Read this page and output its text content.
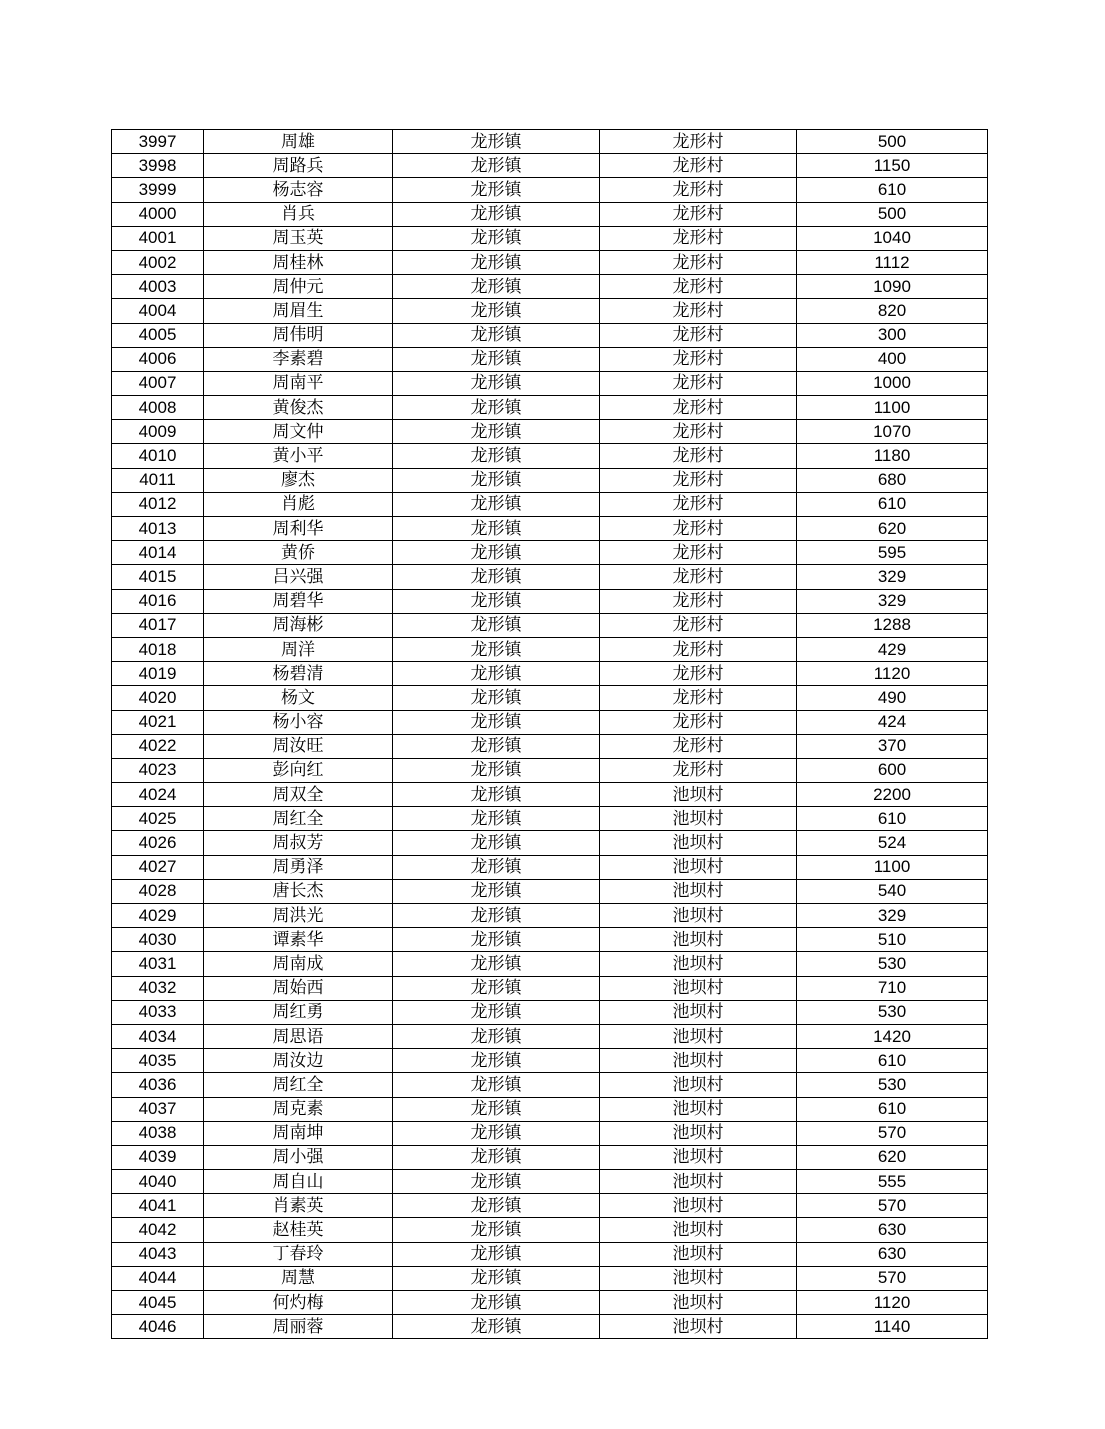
3997	周雄	龙形镇	龙形村	500
3998	周路兵	龙形镇	龙形村	1150
3999	杨志容	龙形镇	龙形村	610
4000	肖兵	龙形镇	龙形村	500
4001	周玉英	龙形镇	龙形村	1040
4002	周桂林	龙形镇	龙形村	1112
4003	周仲元	龙形镇	龙形村	1090
4004	周眉生	龙形镇	龙形村	820
4005	周伟明	龙形镇	龙形村	300
4006	李素碧	龙形镇	龙形村	400
4007	周南平	龙形镇	龙形村	1000
4008	黄俊杰	龙形镇	龙形村	1100
4009	周文仲	龙形镇	龙形村	1070
4010	黄小平	龙形镇	龙形村	1180
4011	廖杰	龙形镇	龙形村	680
4012	肖彪	龙形镇	龙形村	610
4013	周利华	龙形镇	龙形村	620
4014	黄侨	龙形镇	龙形村	595
4015	吕兴强	龙形镇	龙形村	329
4016	周碧华	龙形镇	龙形村	329
4017	周海彬	龙形镇	龙形村	1288
4018	周洋	龙形镇	龙形村	429
4019	杨碧清	龙形镇	龙形村	1120
4020	杨文	龙形镇	龙形村	490
4021	杨小容	龙形镇	龙形村	424
4022	周汝旺	龙形镇	龙形村	370
4023	彭向红	龙形镇	龙形村	600
4024	周双全	龙形镇	池坝村	2200
4025	周红全	龙形镇	池坝村	610
4026	周叔芳	龙形镇	池坝村	524
4027	周勇泽	龙形镇	池坝村	1100
4028	唐长杰	龙形镇	池坝村	540
4029	周洪光	龙形镇	池坝村	329
4030	谭素华	龙形镇	池坝村	510
4031	周南成	龙形镇	池坝村	530
4032	周始西	龙形镇	池坝村	710
4033	周红勇	龙形镇	池坝村	530
4034	周思语	龙形镇	池坝村	1420
4035	周汝边	龙形镇	池坝村	610
4036	周红全	龙形镇	池坝村	530
4037	周克素	龙形镇	池坝村	610
4038	周南坤	龙形镇	池坝村	570
4039	周小强	龙形镇	池坝村	620
4040	周自山	龙形镇	池坝村	555
4041	肖素英	龙形镇	池坝村	570
4042	赵桂英	龙形镇	池坝村	630
4043	丁春玲	龙形镇	池坝村	630
4044	周慧	龙形镇	池坝村	570
4045	何灼梅	龙形镇	池坝村	1120
4046	周丽蓉	龙形镇	池坝村	1140
